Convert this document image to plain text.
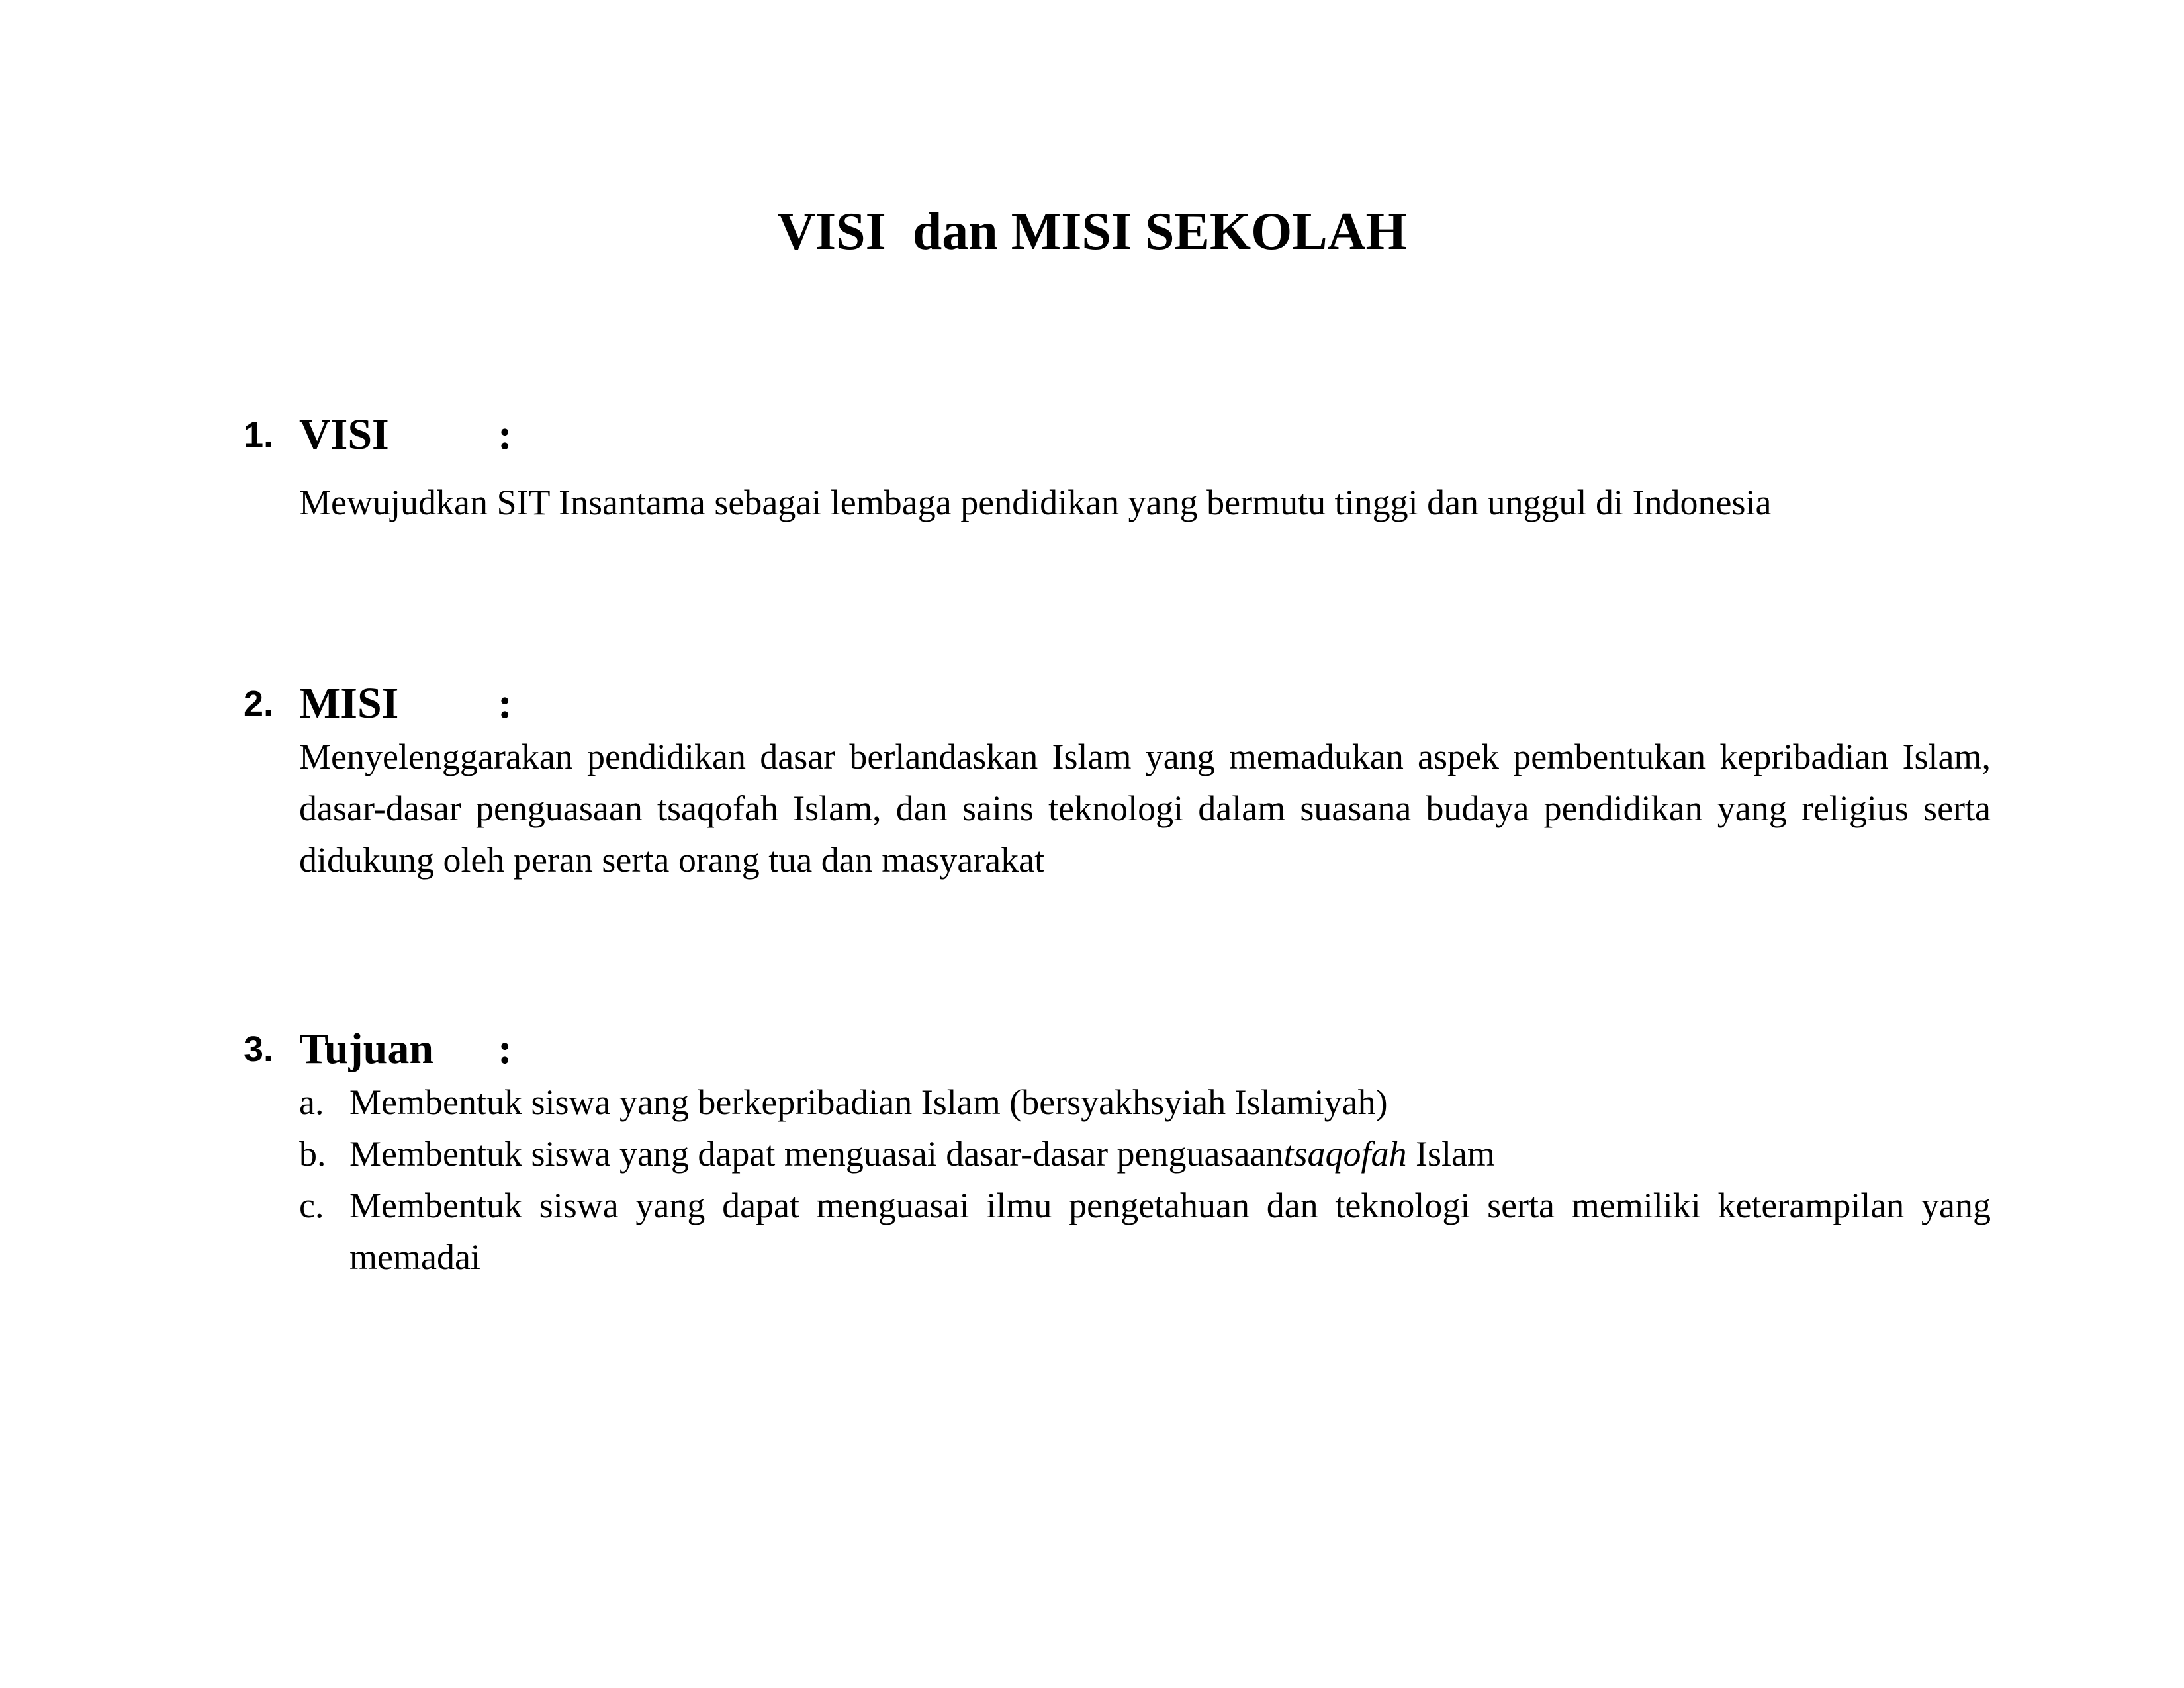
VISI  dan MISI SEKOLAH
1. VISI :
Mewujudkan SIT Insantama sebagai lembaga pendidikan yang bermutu tinggi dan unggul di Indonesia
2. MISI :
Menyelenggarakan pendidikan dasar berlandaskan Islam yang memadukan aspek pembentukan kepribadian Islam, dasar-dasar penguasaan tsaqofah Islam, dan sains teknologi dalam suasana budaya pendidikan yang religius serta didukung oleh peran serta orang tua dan masyarakat
3. Tujuan :
a. Membentuk siswa yang berkepribadian Islam (bersyakhsyiah Islamiyah)
b. Membentuk siswa yang dapat menguasai dasar-dasar penguasaantsaqofah Islam
c. Membentuk siswa yang dapat menguasai ilmu pengetahuan dan teknologi serta memiliki keterampilan yang memadai
